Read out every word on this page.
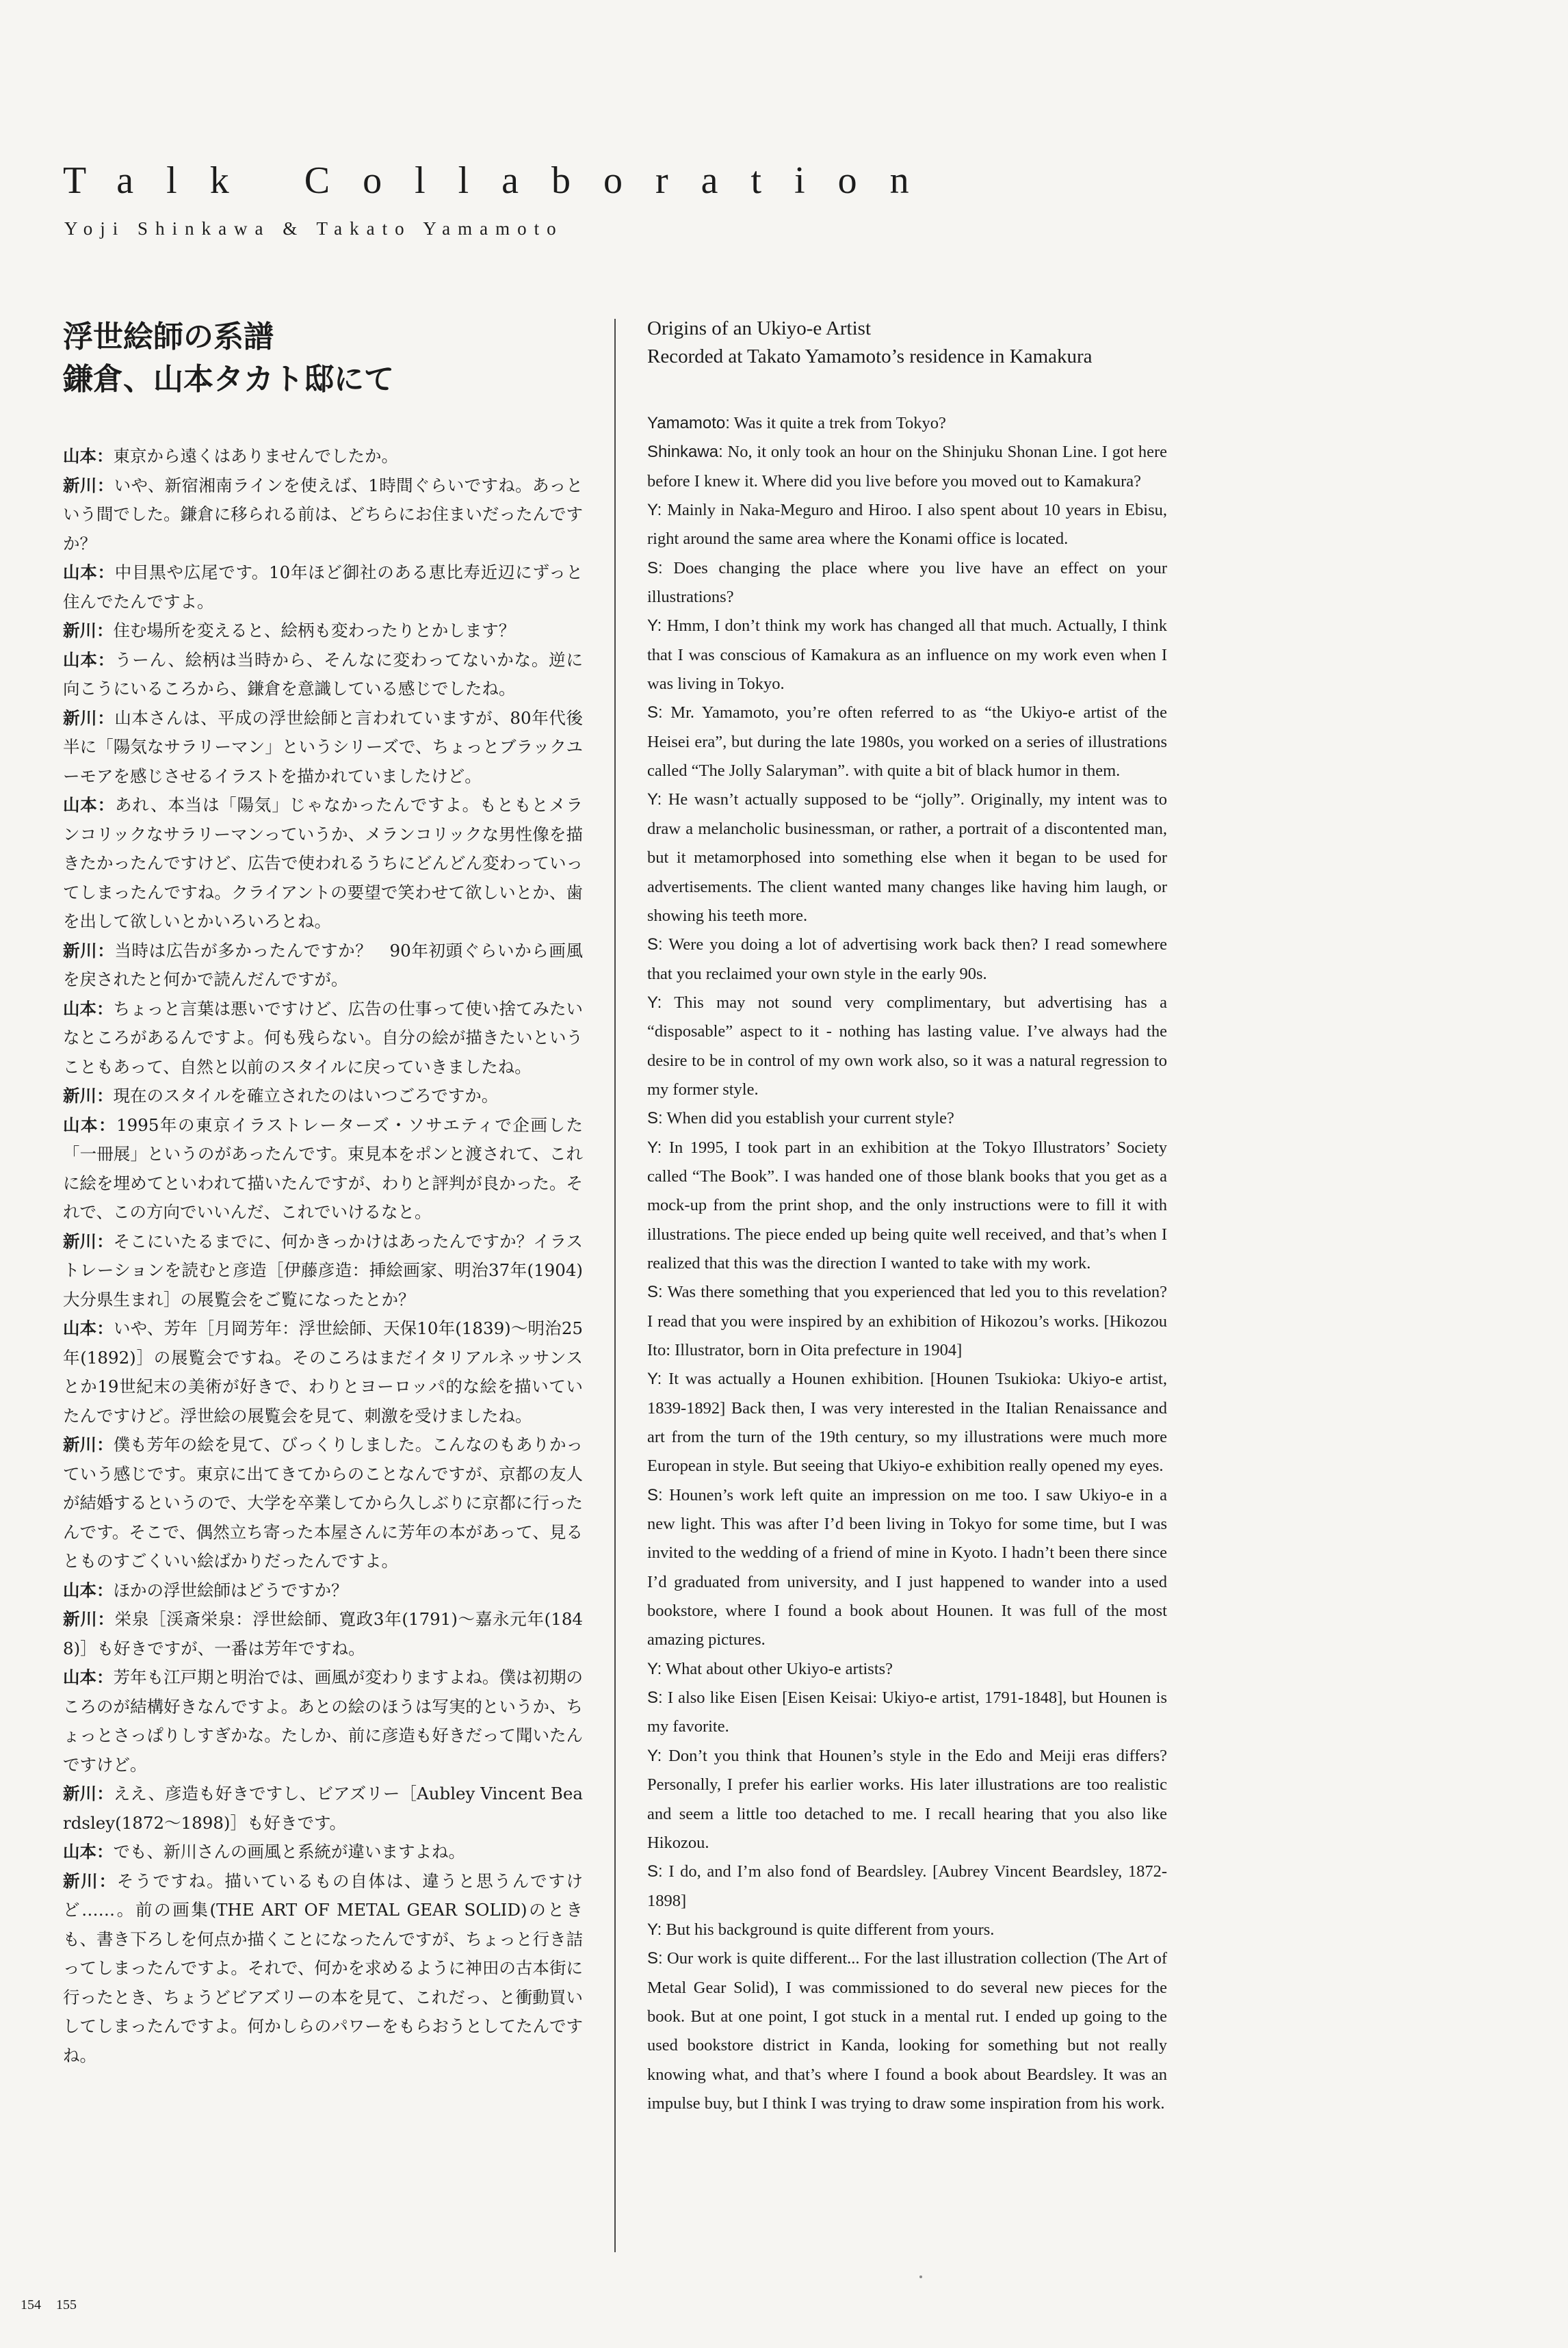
Talk Collaboration
Yoji Shinkawa & Takato Yamamoto
浮世絵師の系譜
鎌倉、山本タカト邸にて

山本：東京から遠くはありませんでしたか。

新川：いや、新宿湘南ラインを使えば、1時間ぐらいですね。あっという間でした。鎌倉に移られる前は、どちらにお住まいだったんですか？

山本：中目黒や広尾です。10年ほど御社のある恵比寿近辺にずっと住んでたんですよ。

新川：住む場所を変えると、絵柄も変わったりとかします？

山本：うーん、絵柄は当時から、そんなに変わってないかな。逆に向こうにいるころから、鎌倉を意識している感じでしたね。

新川：山本さんは、平成の浮世絵師と言われていますが、80年代後半に「陽気なサラリーマン」というシリーズで、ちょっとブラックユーモアを感じさせるイラストを描かれていましたけど。

山本：あれ、本当は「陽気」じゃなかったんですよ。もともとメランコリックなサラリーマンっていうか、メランコリックな男性像を描きたかったんですけど、広告で使われるうちにどんどん変わっていってしまったんですね。クライアントの要望で笑わせて欲しいとか、歯を出して欲しいとかいろいろとね。

新川：当時は広告が多かったんですか？　90年初頭ぐらいから画風を戻されたと何かで読んだんですが。

山本：ちょっと言葉は悪いですけど、広告の仕事って使い捨てみたいなところがあるんですよ。何も残らない。自分の絵が描きたいということもあって、自然と以前のスタイルに戻っていきましたね。

新川：現在のスタイルを確立されたのはいつごろですか。

山本：1995年の東京イラストレーターズ・ソサエティで企画した「一冊展」というのがあったんです。束見本をポンと渡されて、これに絵を埋めてといわれて描いたんですが、わりと評判が良かった。それで、この方向でいいんだ、これでいけるなと。

新川：そこにいたるまでに、何かきっかけはあったんですか？イラストレーションを読むと彦造［伊藤彦造：挿絵画家、明治37年(1904)大分県生まれ］の展覧会をご覧になったとか？

山本：いや、芳年［月岡芳年：浮世絵師、天保10年(1839)～明治25年(1892)］の展覧会ですね。そのころはまだイタリアルネッサンスとか19世紀末の美術が好きで、わりとヨーロッパ的な絵を描いていたんですけど。浮世絵の展覧会を見て、刺激を受けましたね。

新川：僕も芳年の絵を見て、びっくりしました。こんなのもありかっていう感じです。東京に出てきてからのことなんですが、京都の友人が結婚するというので、大学を卒業してから久しぶりに京都に行ったんです。そこで、偶然立ち寄った本屋さんに芳年の本があって、見るとものすごくいい絵ばかりだったんですよ。

山本：ほかの浮世絵師はどうですか？

新川：栄泉［渓斎栄泉：浮世絵師、寛政3年(1791)～嘉永元年(1848)］も好きですが、一番は芳年ですね。

山本：芳年も江戸期と明治では、画風が変わりますよね。僕は初期のころのが結構好きなんですよ。あとの絵のほうは写実的というか、ちょっとさっぱりしすぎかな。たしか、前に彦造も好きだって聞いたんですけど。

新川：ええ、彦造も好きですし、ビアズリー［Aubley Vincent Beardsley(1872～1898)］も好きです。

山本：でも、新川さんの画風と系統が違いますよね。

新川：そうですね。描いているもの自体は、違うと思うんですけど……。前の画集(THE ART OF METAL GEAR SOLID)のときも、書き下ろしを何点か描くことになったんですが、ちょっと行き詰ってしまったんですよ。それで、何かを求めるように神田の古本街に行ったとき、ちょうどビアズリーの本を見て、これだっ、と衝動買いしてしまったんですよ。何かしらのパワーをもらおうとしてたんですね。

Origins of an Ukiyo-e Artist
Recorded at Takato Yamamoto’s residence in Kamakura

Yamamoto: Was it quite a trek from Tokyo?

Shinkawa: No, it only took an hour on the Shinjuku Shonan Line. I got here before I knew it. Where did you live before you moved out to Kamakura?

Y: Mainly in Naka-Meguro and Hiroo. I also spent about 10 years in Ebisu, right around the same area where the Konami office is located.

S: Does changing the place where you live have an effect on your illustrations?

Y: Hmm, I don’t think my work has changed all that much. Actually, I think that I was conscious of Kamakura as an influence on my work even when I was living in Tokyo.

S: Mr. Yamamoto, you’re often referred to as “the Ukiyo-e artist of the Heisei era”, but during the late 1980s, you worked on a series of illustrations called “The Jolly Salaryman”. with quite a bit of black humor in them.

Y: He wasn’t actually supposed to be “jolly”. Originally, my intent was to draw a melancholic businessman, or rather, a portrait of a discontented man, but it metamorphosed into something else when it began to be used for advertisements. The client wanted many changes like having him laugh, or showing his teeth more.

S: Were you doing a lot of advertising work back then? I read somewhere that you reclaimed your own style in the early 90s.

Y: This may not sound very complimentary, but advertising has a “disposable” aspect to it - nothing has lasting value. I’ve always had the desire to be in control of my own work also, so it was a natural regression to my former style.

S: When did you establish your current style?

Y: In 1995, I took part in an exhibition at the Tokyo Illustrators’ Society called “The Book”. I was handed one of those blank books that you get as a mock-up from the print shop, and the only instructions were to fill it with illustrations. The piece ended up being quite well received, and that’s when I realized that this was the direction I wanted to take with my work.

S: Was there something that you experienced that led you to this revelation? I read that you were inspired by an exhibition of Hikozou’s works. [Hikozou Ito: Illustrator, born in Oita prefecture in 1904]

Y: It was actually a Hounen exhibition. [Hounen Tsukioka: Ukiyo-e artist, 1839-1892] Back then, I was very interested in the Italian Renaissance and art from the turn of the 19th century, so my illustrations were much more European in style. But seeing that Ukiyo-e exhibition really opened my eyes.

S: Hounen’s work left quite an impression on me too. I saw Ukiyo-e in a new light. This was after I’d been living in Tokyo for some time, but I was invited to the wedding of a friend of mine in Kyoto. I hadn’t been there since I’d graduated from university, and I just happened to wander into a used bookstore, where I found a book about Hounen. It was full of the most amazing pictures.

Y: What about other Ukiyo-e artists?

S: I also like Eisen [Eisen Keisai: Ukiyo-e artist, 1791-1848], but Hounen is my favorite.

Y: Don’t you think that Hounen’s style in the Edo and Meiji eras differs? Personally, I prefer his earlier works. His later illustrations are too realistic and seem a little too detached to me. I recall hearing that you also like Hikozou.

S: I do, and I’m also fond of Beardsley. [Aubrey Vincent Beardsley, 1872-1898]

Y: But his background is quite different from yours.

S: Our work is quite different... For the last illustration collection (The Art of Metal Gear Solid), I was commissioned to do several new pieces for the book. But at one point, I got stuck in a mental rut. I ended up going to the used bookstore district in Kanda, looking for something but not really knowing what, and that’s where I found a book about Beardsley. It was an impulse buy, but I think I was trying to draw some inspiration from his work.

154 155
